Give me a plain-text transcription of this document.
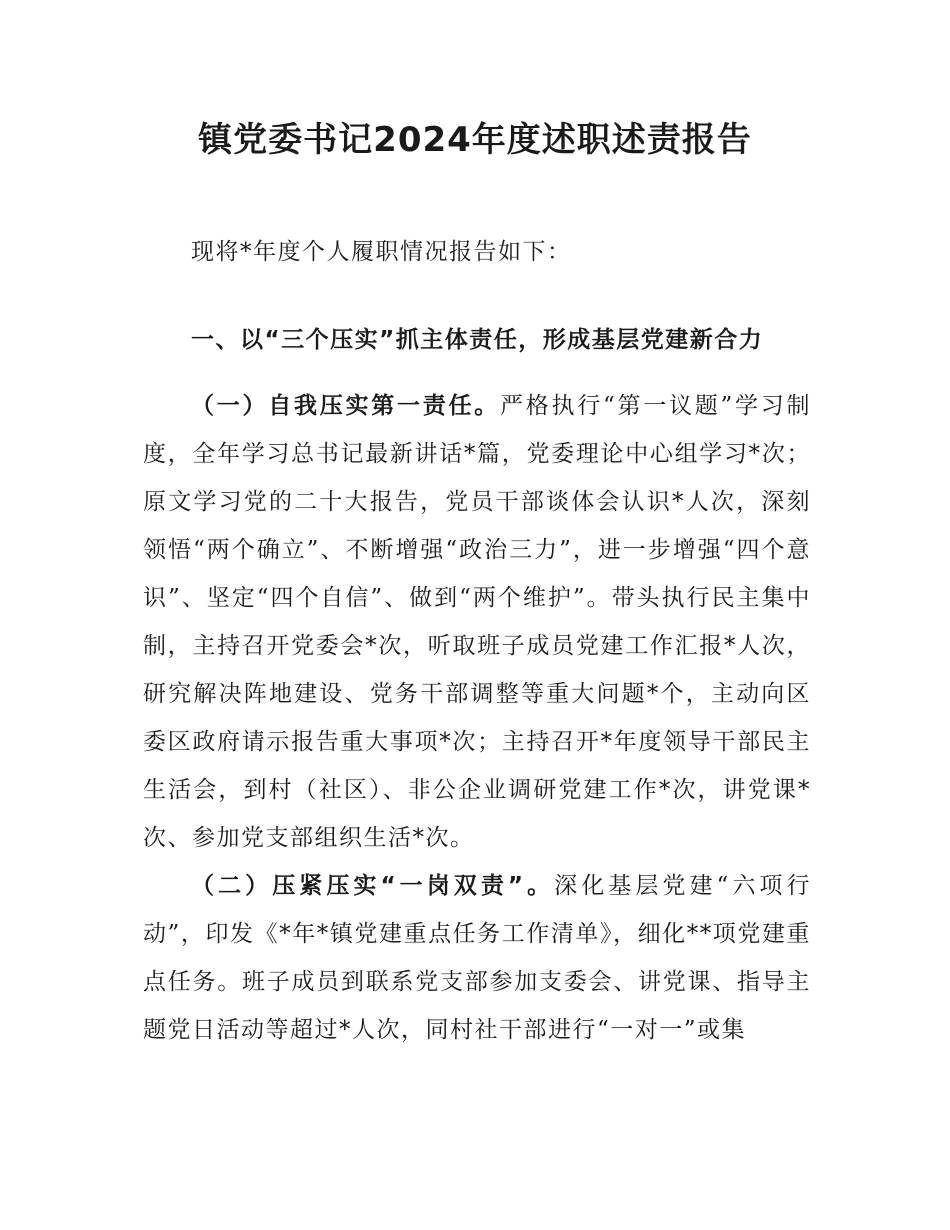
镇党委书记2024年度述职述责报告

现将*年度个人履职情况报告如下：

一、以“三个压实”抓主体责任，形成基层党建新合力

（一）自我压实第一责任。严格执行“第一议题”学习制度，全年学习总书记最新讲话*篇，党委理论中心组学习*次；原文学习党的二十大报告，党员干部谈体会认识*人次，深刻领悟“两个确立”、不断增强“政治三力”，进一步增强“四个意识”、坚定“四个自信”、做到“两个维护”。带头执行民主集中制，主持召开党委会*次，听取班子成员党建工作汇报*人次，研究解决阵地建设、党务干部调整等重大问题*个，主动向区委区政府请示报告重大事项*次；主持召开*年度领导干部民主生活会，到村（社区）、非公企业调研党建工作*次，讲党课*次、参加党支部组织生活*次。

（二）压紧压实“一岗双责”。深化基层党建“六项行动”，印发《*年*镇党建重点任务工作清单》，细化**项党建重点任务。班子成员到联系党支部参加支委会、讲党课、指导主题党日活动等超过*人次，同村社干部进行“一对一”或集
